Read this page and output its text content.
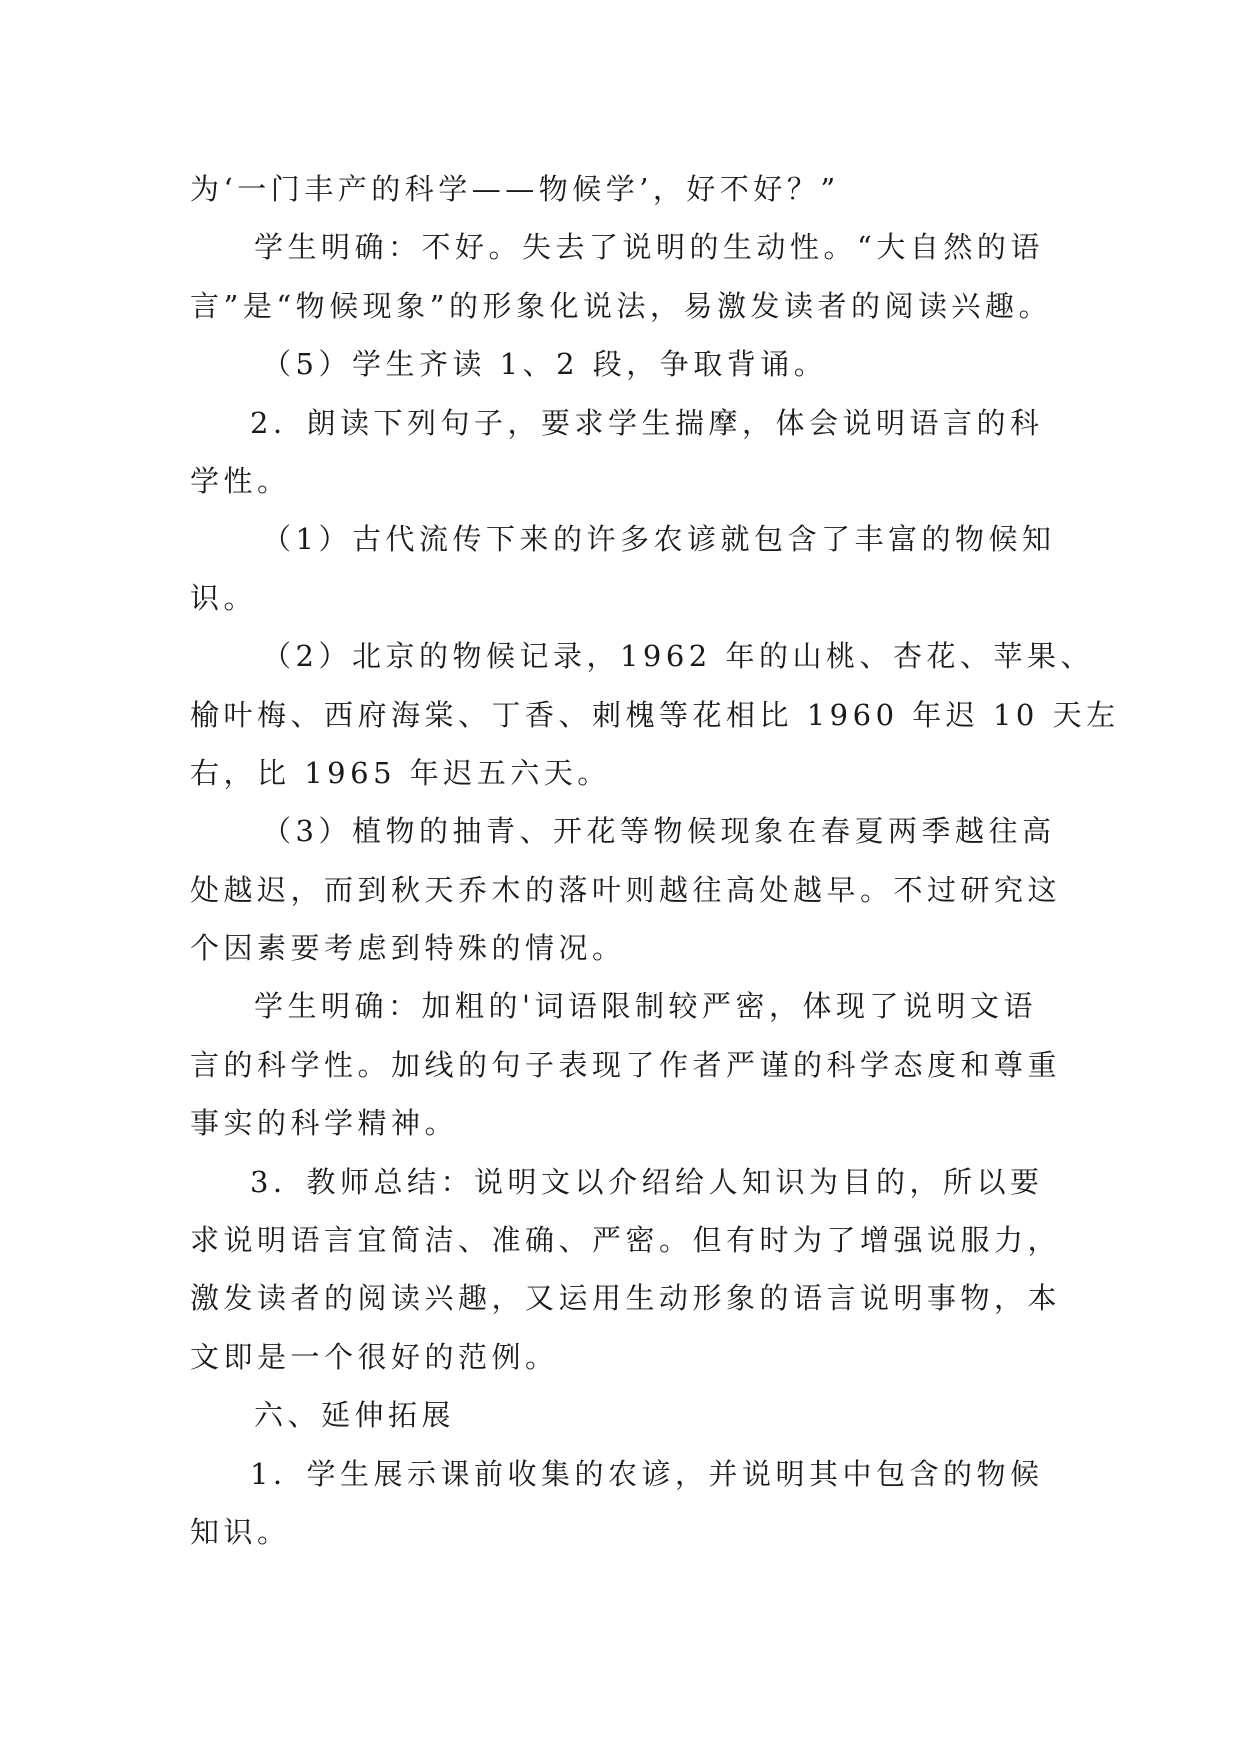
为‘一门丰产的科学——物候学’，好不好？”
学生明确：不好。失去了说明的生动性。“大自然的语
言”是“物候现象”的形象化说法，易激发读者的阅读兴趣。
（5）学生齐读 1、2 段，争取背诵。
2．朗读下列句子，要求学生揣摩，体会说明语言的科
学性。
（1）古代流传下来的许多农谚就包含了丰富的物候知
识。
（2）北京的物候记录，1962 年的山桃、杏花、苹果、
榆叶梅、西府海棠、丁香、刺槐等花相比 1960 年迟 10 天左
右，比 1965 年迟五六天。
（3）植物的抽青、开花等物候现象在春夏两季越往高
处越迟，而到秋天乔木的落叶则越往高处越早。不过研究这
个因素要考虑到特殊的情况。
学生明确：加粗的'词语限制较严密，体现了说明文语
言的科学性。加线的句子表现了作者严谨的科学态度和尊重
事实的科学精神。
3．教师总结：说明文以介绍给人知识为目的，所以要
求说明语言宜简洁、准确、严密。但有时为了增强说服力，
激发读者的阅读兴趣，又运用生动形象的语言说明事物，本
文即是一个很好的范例。
六、延伸拓展
1．学生展示课前收集的农谚，并说明其中包含的物候
知识。
